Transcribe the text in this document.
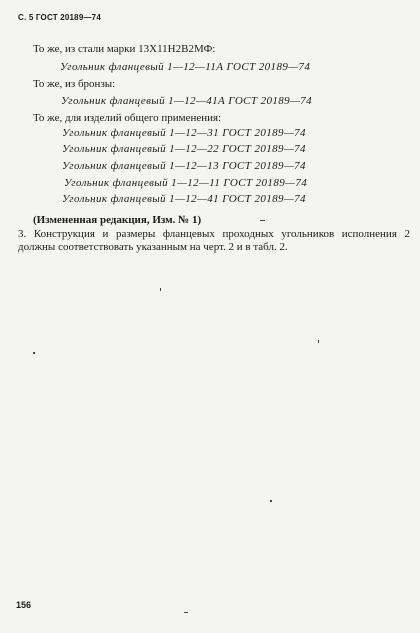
С. 5 ГОСТ 20189—74
То же, из стали марки 13Х11Н2В2МФ:
Угольник фланцевый 1—12—11А ГОСТ 20189—74
То же, из бронзы:
Угольник фланцевый 1—12—41А ГОСТ 20189—74
То же, для изделий общего применения:
Угольник фланцевый 1—12—31 ГОСТ 20189—74
Угольник фланцевый 1—12—22 ГОСТ 20189—74
Угольник фланцевый 1—12—13 ГОСТ 20189—74
Угольник фланцевый 1—12—11 ГОСТ 20189—74
Угольник фланцевый 1—12—41 ГОСТ 20189—74
(Измененная редакция, Изм. № 1)
3. Конструкция и размеры фланцевых проходных угольников исполнения 2 должны соответствовать указанным на черт. 2 и в табл. 2.
156
